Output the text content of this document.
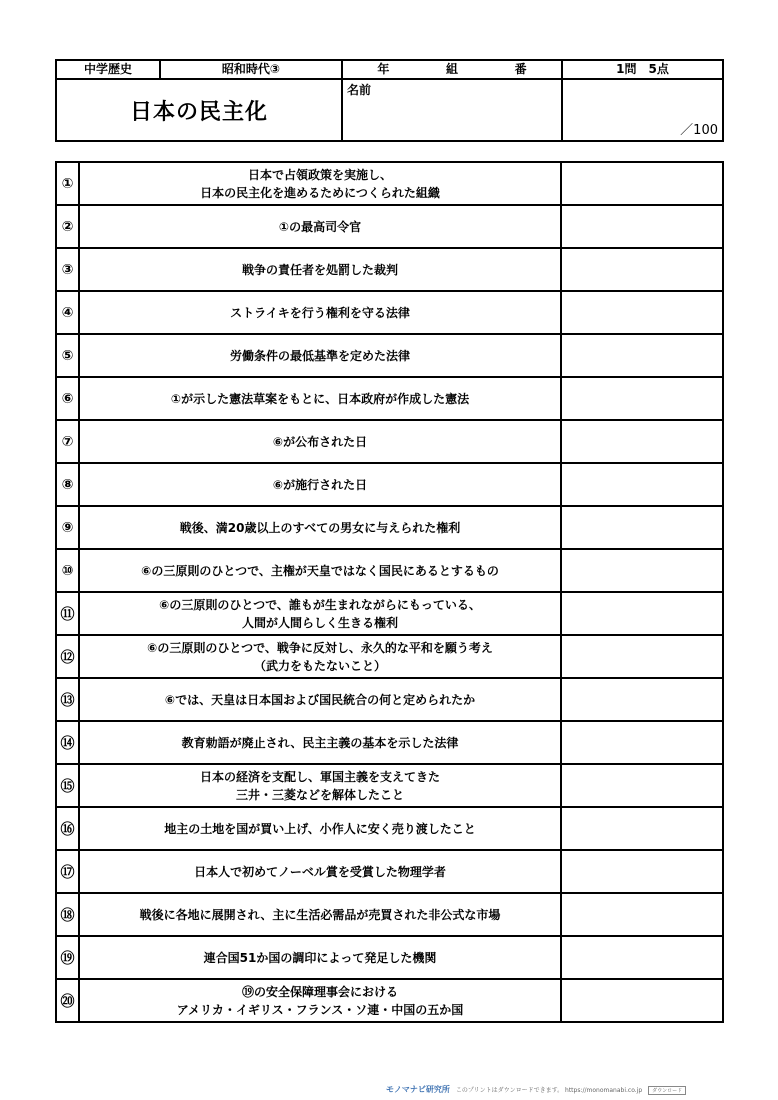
中学歴史	昭和時代③	年 組 番	1問　5点
日本の民主化		名前	／100
①	日本で占領政策を実施し、
日本の民主化を進めるためにつくられた組織	
②	①の最高司令官	
③	戦争の責任者を処罰した裁判	
④	ストライキを行う権利を守る法律	
⑤	労働条件の最低基準を定めた法律	
⑥	①が示した憲法草案をもとに、日本政府が作成した憲法	
⑦	⑥が公布された日	
⑧	⑥が施行された日	
⑨	戦後、満20歳以上のすべての男女に与えられた権利	
⑩	⑥の三原則のひとつで、主権が天皇ではなく国民にあるとするもの	
⑪	⑥の三原則のひとつで、誰もが生まれながらにもっている、
人間が人間らしく生きる権利	
⑫	⑥の三原則のひとつで、戦争に反対し、永久的な平和を願う考え
（武力をもたないこと）	
⑬	⑥では、天皇は日本国および国民統合の何と定められたか	
⑭	教育勅語が廃止され、民主主義の基本を示した法律	
⑮	日本の経済を支配し、軍国主義を支えてきた
三井・三菱などを解体したこと	
⑯	地主の土地を国が買い上げ、小作人に安く売り渡したこと	
⑰	日本人で初めてノーベル賞を受賞した物理学者	
⑱	戦後に各地に展開され、主に生活必需品が売買された非公式な市場	
⑲	連合国51か国の調印によって発足した機関	
⑳	⑲の安全保障理事会における
アメリカ・イギリス・フランス・ソ連・中国の五か国	
モノマナビ研究所 このプリントはダウンロードできます。 https://monomanabi.co.jp ダウンロード
